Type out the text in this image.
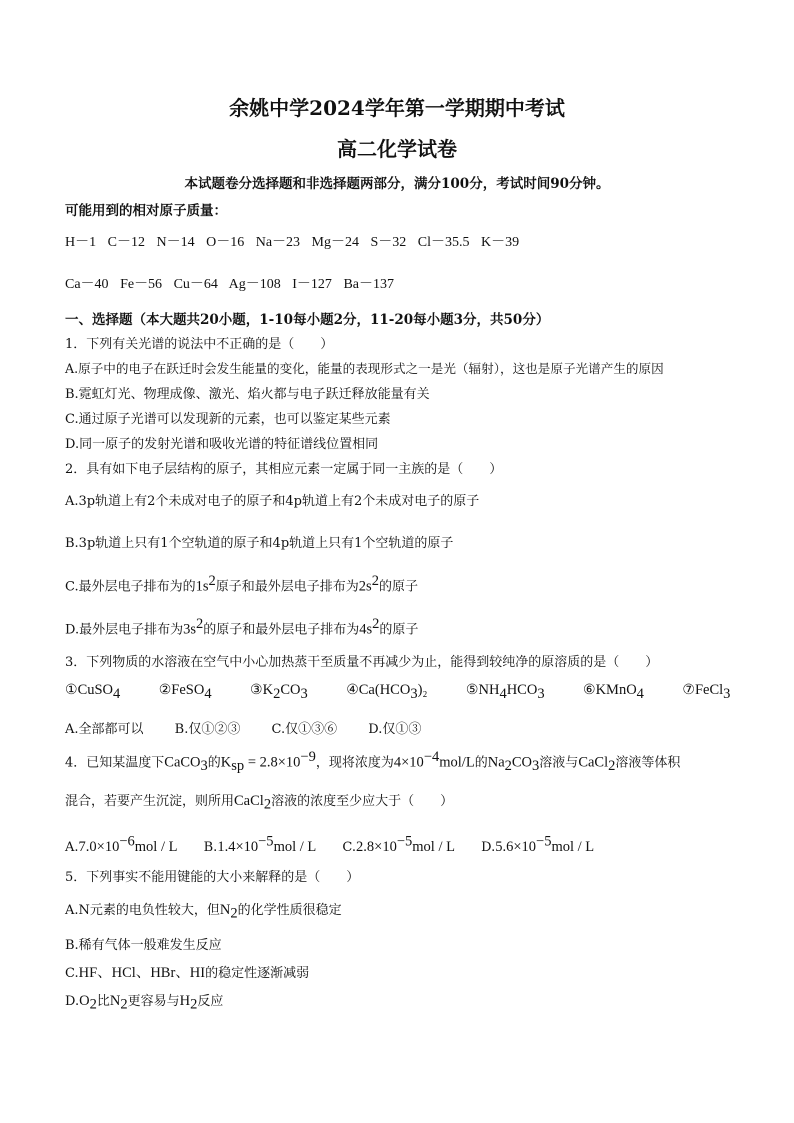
余姚中学2024学年第一学期期中考试
高二化学试卷
本试题卷分选择题和非选择题两部分，满分100分，考试时间90分钟。
可能用到的相对原子质量：
H－1 C－12 N－14 O－16 Na－23 Mg－24 S－32 Cl－35.5 K－39
Ca－40 Fe－56 Cu－64 Ag－108 I－127 Ba－137
一、选择题（本大题共20小题，1-10每小题2分，11-20每小题3分，共50分）
1．下列有关光谱的说法中不正确的是（　　）
A.原子中的电子在跃迁时会发生能量的变化，能量的表现形式之一是光（辐射），这也是原子光谱产生的原因
B.霓虹灯光、物理成像、激光、焰火都与电子跃迁释放能量有关
C.通过原子光谱可以发现新的元素，也可以鉴定某些元素
D.同一原子的发射光谱和吸收光谱的特征谱线位置相同
2．具有如下电子层结构的原子，其相应元素一定属于同一主族的是（　　）
A.3p轨道上有2个未成对电子的原子和4p轨道上有2个未成对电子的原子
B.3p轨道上只有1个空轨道的原子和4p轨道上只有1个空轨道的原子
C.最外层电子排布为的$1s^2$原子和最外层电子排布为$2s^2$的原子
D.最外层电子排布为$3s^2$的原子和最外层电子排布为$4s^2$的原子
3．下列物质的水溶液在空气中小心加热蒸干至质量不再减少为止，能得到较纯净的原溶质的是（　　）
①CuSO$_4$	②FeSO$_4$	$③K_2CO_3$	$④Ca(HCO_3)_2$	$⑤NH_4HCO_3$	⑥KMnO$_4$	⑦FeCl$_3$
A.全部都可以 B.仅①②③ C.仅①③⑥ D.仅①③
4．已知某温度下CaCO$_3$的$K_{sp} = 2.8\times 10^{-9}$，现将浓度为$4\times 10^{-4}mol/L$的$Na_2CO_3$溶液与CaCl$_2$溶液等体积
混合，若要产生沉淀，则所用CaCl$_2$溶液的浓度至少应大于（　　）
$A.7.0\times 10^{-6}mol / L$ $B.1.4\times 10^{-5}mol / L$ $C.2.8\times 10^{-5}mol / L$ $D.5.6\times 10^{-5}mol / L$
5．下列事实不能用键能的大小来解释的是（　　）
A.N元素的电负性较大，但$N_2$的化学性质很稳定
B.稀有气体一般难发生反应
C.HF、HCl、HBr、HI的稳定性逐渐减弱
$D.O_2$比$N_2$更容易与$H_2$反应
